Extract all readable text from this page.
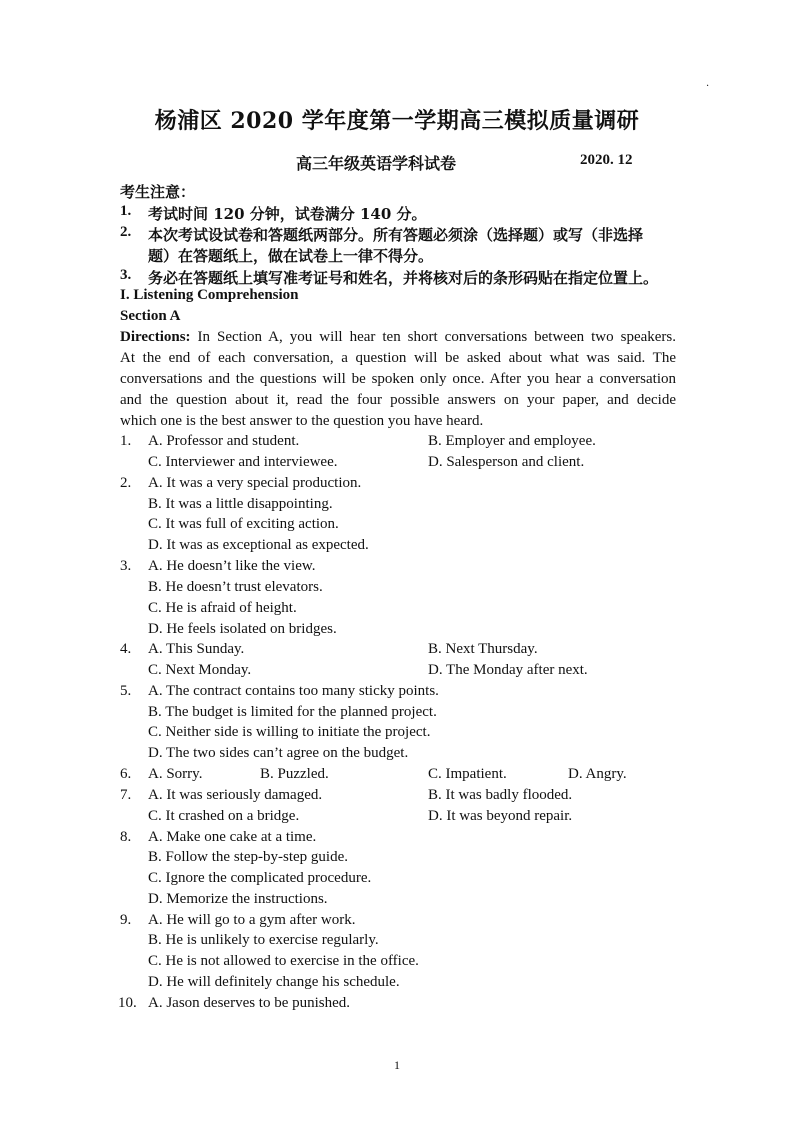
.
杨浦区 2020 学年度第一学期高三模拟质量调研
高三年级英语学科试卷	2020. 12
考生注意：
1. 考试时间 120 分钟，试卷满分 140 分。
2. 本次考试设试卷和答题纸两部分。所有答题必须涂（选择题）或写（非选择
题）在答题纸上，做在试卷上一律不得分。
3. 务必在答题纸上填写准考证号和姓名，并将核对后的条形码贴在指定位置上。
I. Listening Comprehension
Section A
Directions: In Section A, you will hear ten short conversations between two speakers.
At the end of each conversation, a question will be asked about what was said. The
conversations and the questions will be spoken only once. After you hear a conversation
and the question about it, read the four possible answers on your paper, and decide
which one is the best answer to the question you have heard.
1. A. Professor and student.	B. Employer and employee.
C. Interviewer and interviewee.	D. Salesperson and client.
2. A. It was a very special production.
B. It was a little disappointing.
C. It was full of exciting action.
D. It was as exceptional as expected.
3. A. He doesn’t like the view.
B. He doesn’t trust elevators.
C. He is afraid of height.
D. He feels isolated on bridges.
4. A. This Sunday.	B. Next Thursday.
C. Next Monday.	D. The Monday after next.
5. A. The contract contains too many sticky points.
B. The budget is limited for the planned project.
C. Neither side is willing to initiate the project.
D. The two sides can’t agree on the budget.
6. A. Sorry.	B. Puzzled.	C. Impatient.	D. Angry.
7. A. It was seriously damaged.	B. It was badly flooded.
C. It crashed on a bridge.	D. It was beyond repair.
8. A. Make one cake at a time.
B. Follow the step-by-step guide.
C. Ignore the complicated procedure.
D. Memorize the instructions.
9. A. He will go to a gym after work.
B. He is unlikely to exercise regularly.
C. He is not allowed to exercise in the office.
D. He will definitely change his schedule.
10. A. Jason deserves to be punished.
1
